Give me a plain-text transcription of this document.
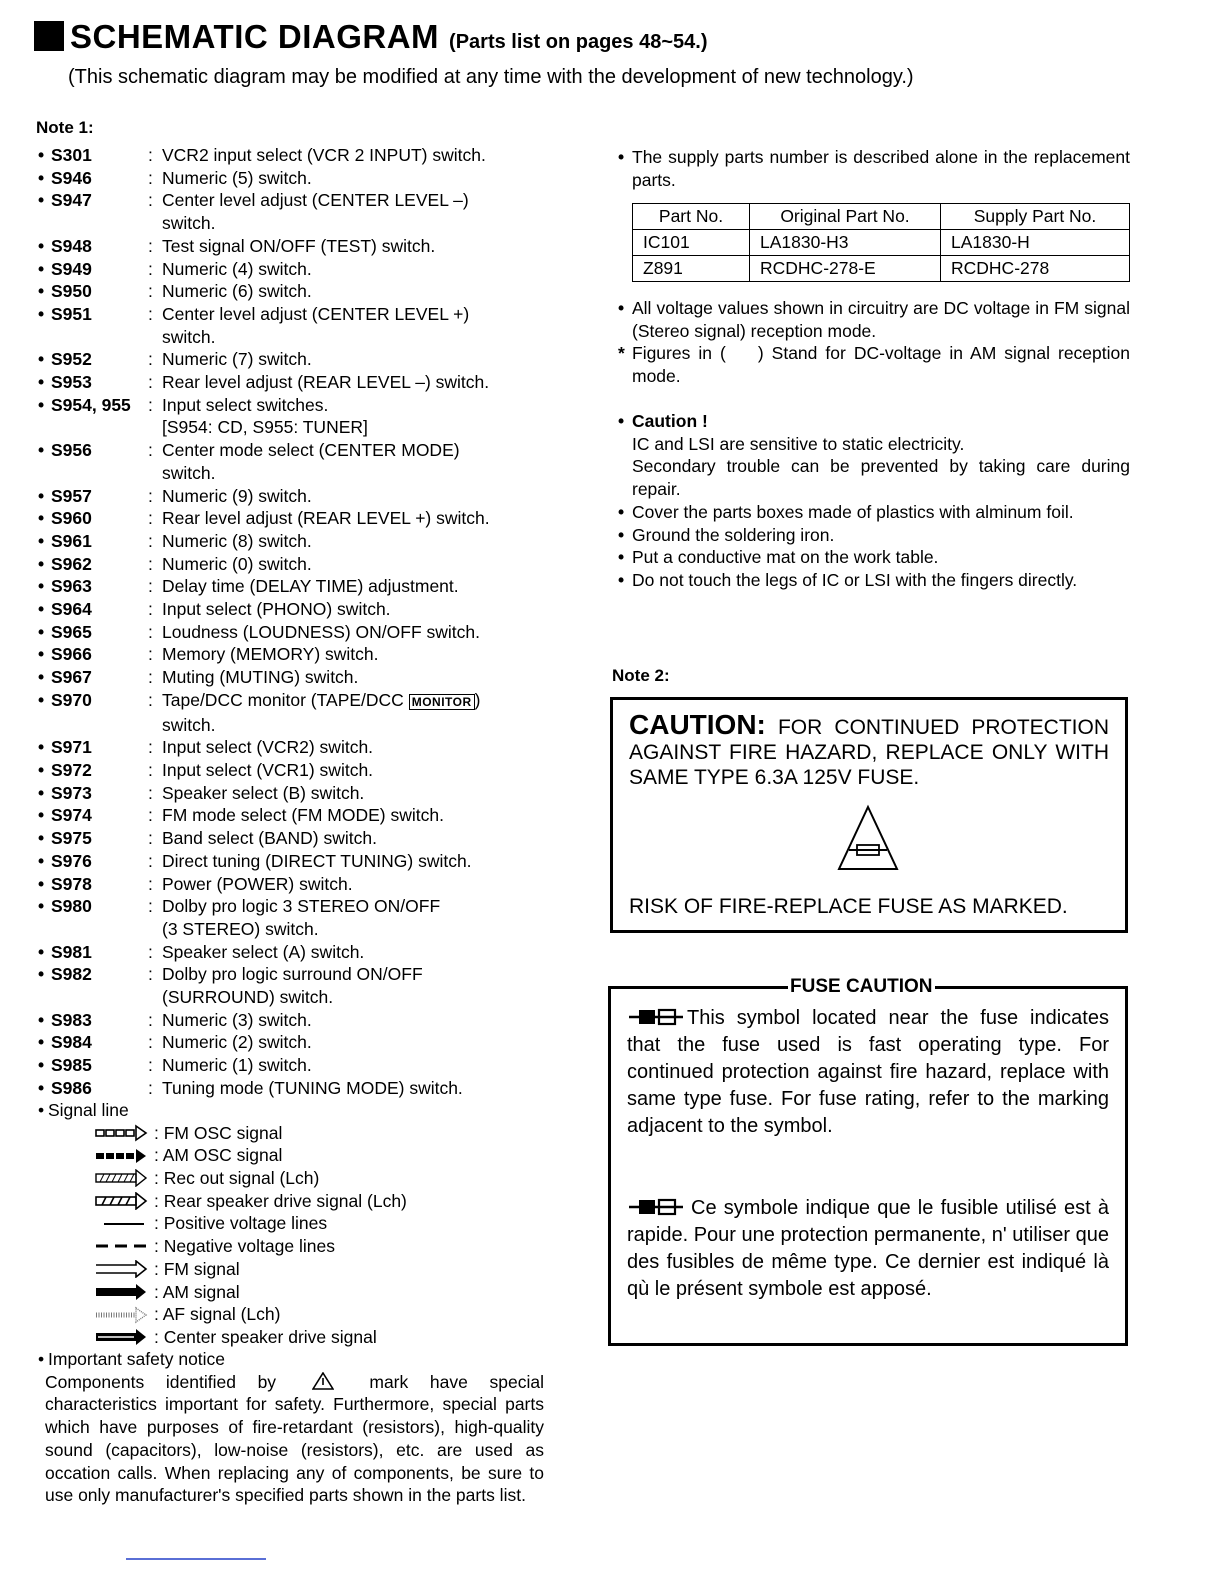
SCHEMATIC DIAGRAM (Parts list on pages 48~54.)
(This schematic diagram may be modified at any time with the development of new technology.)
Note 1:
• S301	: VCR2 input select (VCR 2 INPUT) switch.
• S946	: Numeric (5) switch.
• S947	: Center level adjust (CENTER LEVEL –)
switch.
• S948	: Test signal ON/OFF (TEST) switch.
• S949	: Numeric (4) switch.
• S950	: Numeric (6) switch.
• S951	: Center level adjust (CENTER LEVEL +)
switch.
• S952	: Numeric (7) switch.
• S953	: Rear level adjust (REAR LEVEL –) switch.
• S954, 955 : Input select switches.
[S954: CD, S955: TUNER]
• S956	: Center mode select (CENTER MODE)
switch.
• S957	: Numeric (9) switch.
• S960	: Rear level adjust (REAR LEVEL +) switch.
• S961	: Numeric (8) switch.
• S962	: Numeric (0) switch.
• S963	: Delay time (DELAY TIME) adjustment.
• S964	: Input select (PHONO) switch.
• S965	: Loudness (LOUDNESS) ON/OFF switch.
• S966	: Memory (MEMORY) switch.
• S967	: Muting (MUTING) switch.
• S970	: Tape/DCC monitor (TAPE/DCC MONITOR )
switch.
• S971	: Input select (VCR2) switch.
• S972	: Input select (VCR1) switch.
• S973	: Speaker select (B) switch.
• S974	: FM mode select (FM MODE) switch.
• S975	: Band select (BAND) switch.
• S976	: Direct tuning (DIRECT TUNING) switch.
• S978	: Power (POWER) switch.
• S980	: Dolby pro logic 3 STEREO ON/OFF
(3 STEREO) switch.
• S981	: Speaker select (A) switch.
• S982	: Dolby pro logic surround ON/OFF
(SURROUND) switch.
• S983	: Numeric (3) switch.
• S984	: Numeric (2) switch.
• S985	: Numeric (1) switch.
• S986	: Tuning mode (TUNING MODE) switch.
• Signal line
: FM OSC signal
: AM OSC signal
: Rec out signal (Lch)
: Rear speaker drive signal (Lch)
: Positive voltage lines
: Negative voltage lines
: FM signal
: AM signal
: AF signal (Lch)
: Center speaker drive signal
• Important safety notice
Components identified by	mark have special characteristics important for safety. Furthermore, special parts which have purposes of fire-retardant (resistors), high-quality sound (capacitors), low-noise (resistors), etc. are used as occation calls. When replacing any of components, be sure to use only manufacturer's specified parts shown in the parts list.
• The supply parts number is described alone in the replacement parts.
Part No.	Original Part No.	Supply Part No.
IC101	LA1830-H3	LA1830-H
Z891	RCDHC-278-E	RCDHC-278
• All voltage values shown in circuitry are DC voltage in FM signal (Stereo signal) reception mode.
* Figures in (    ) Stand for DC-voltage in AM signal reception mode.
• Caution !
IC and LSI are sensitive to static electricity.
Secondary trouble can be prevented by taking care during repair.
• Cover the parts boxes made of plastics with alminum foil.
• Ground the soldering iron.
• Put a conductive mat on the work table.
• Do not touch the legs of IC or LSI with the fingers directly.
Note 2:
CAUTION: FOR CONTINUED PROTECTION AGAINST FIRE HAZARD, REPLACE ONLY WITH SAME TYPE 6.3A 125V FUSE.
RISK OF FIRE-REPLACE FUSE AS MARKED.
This symbol located near the fuse indicates that the fuse used is fast operating type. For continued protection against fire hazard, replace with same type fuse. For fuse rating, refer to the marking adjacent to the symbol.
Ce symbole indique que le fusible utilisé est à rapide. Pour une protection permanente, n' utiliser que des fusibles de même type. Ce dernier est indiqué là qù le présent symbole est apposé.
FUSE CAUTION
